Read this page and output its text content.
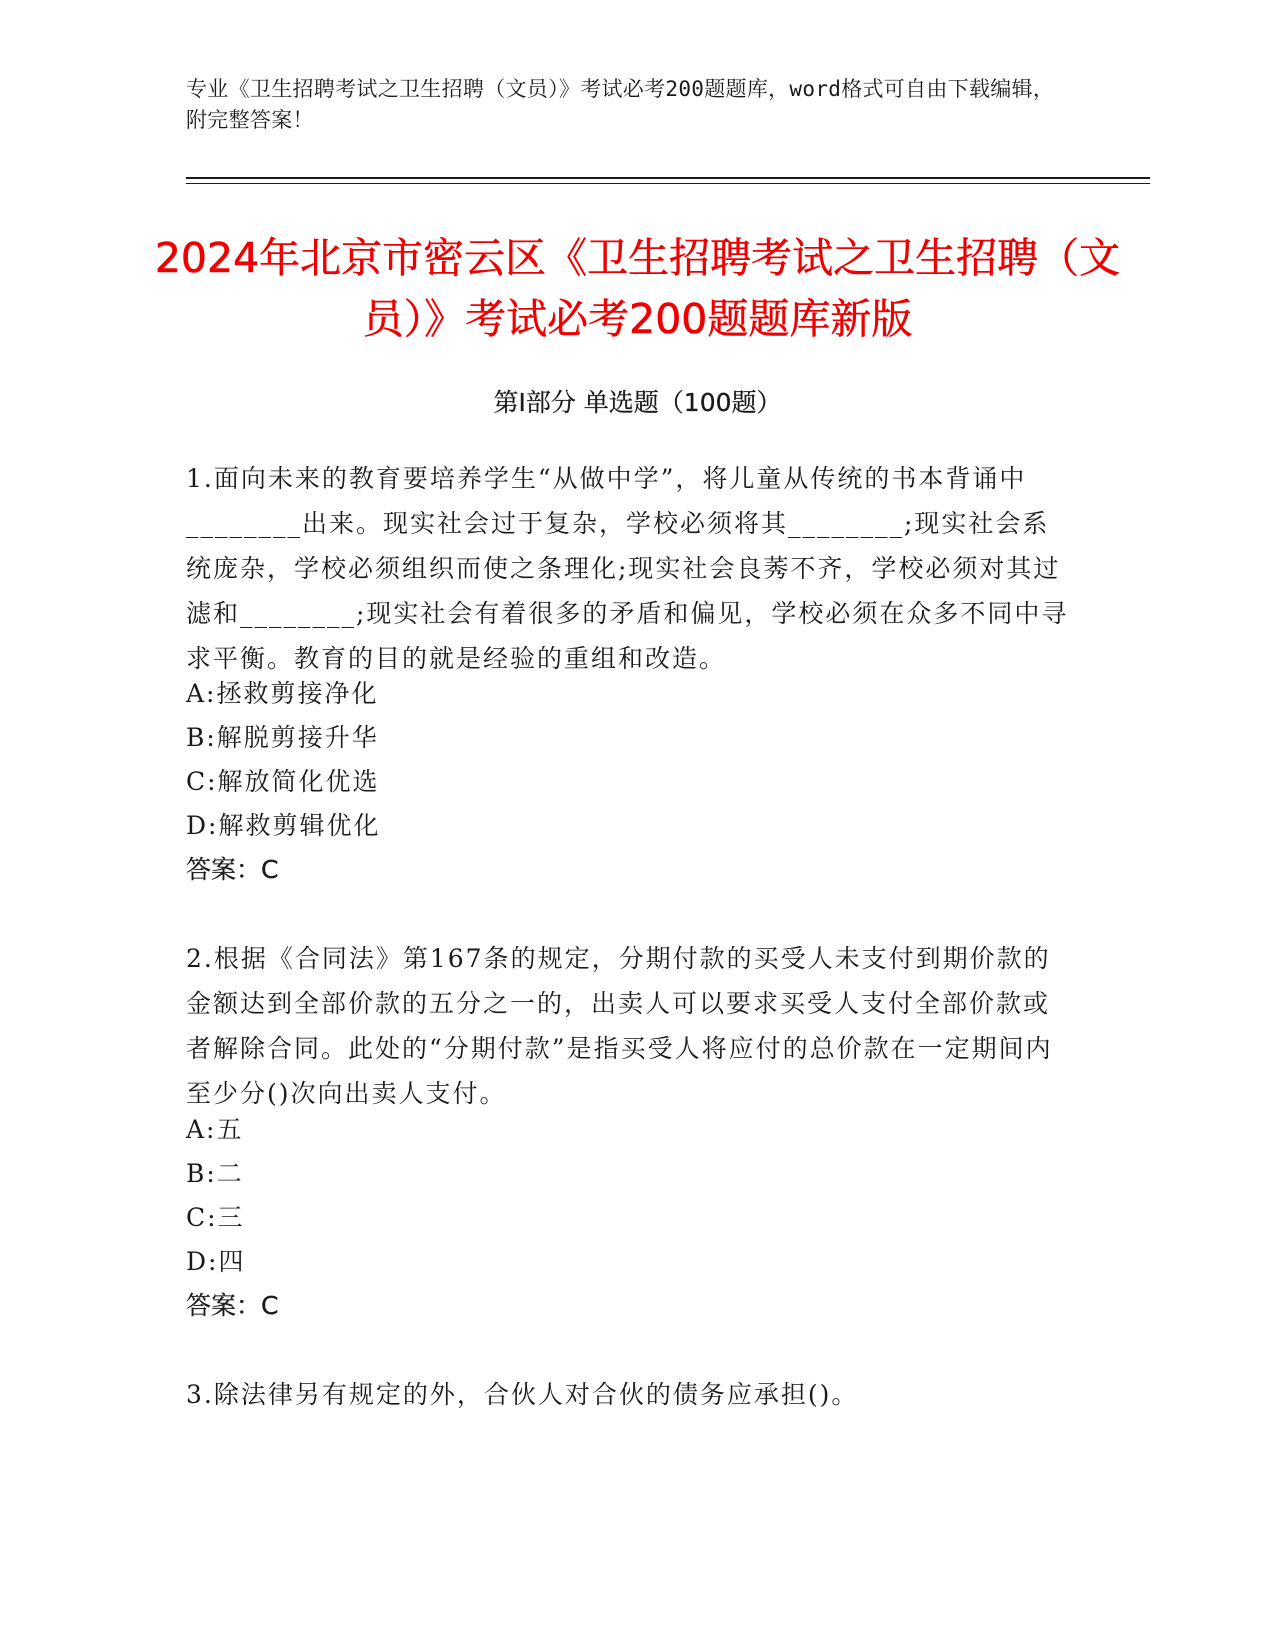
专业《卫生招聘考试之卫生招聘（文员）》考试必考200题题库，word格式可自由下载编辑，附完整答案！
2024年北京市密云区《卫生招聘考试之卫生招聘（文员）》考试必考200题题库新版
第Ⅰ部分 单选题（100题）
1.面向未来的教育要培养学生“从做中学”，将儿童从传统的书本背诵中________出来。现实社会过于复杂，学校必须将其________;现实社会系统庞杂，学校必须组织而使之条理化;现实社会良莠不齐，学校必须对其过滤和________;现实社会有着很多的矛盾和偏见，学校必须在众多不同中寻求平衡。教育的目的就是经验的重组和改造。
A:拯救剪接净化
B:解脱剪接升华
C:解放简化优选
D:解救剪辑优化
答案：C
2.根据《合同法》第167条的规定，分期付款的买受人未支付到期价款的金额达到全部价款的五分之一的，出卖人可以要求买受人支付全部价款或者解除合同。此处的“分期付款”是指买受人将应付的总价款在一定期间内至少分()次向出卖人支付。
A:五
B:二
C:三
D:四
答案：C
3.除法律另有规定的外，合伙人对合伙的债务应承担()。
